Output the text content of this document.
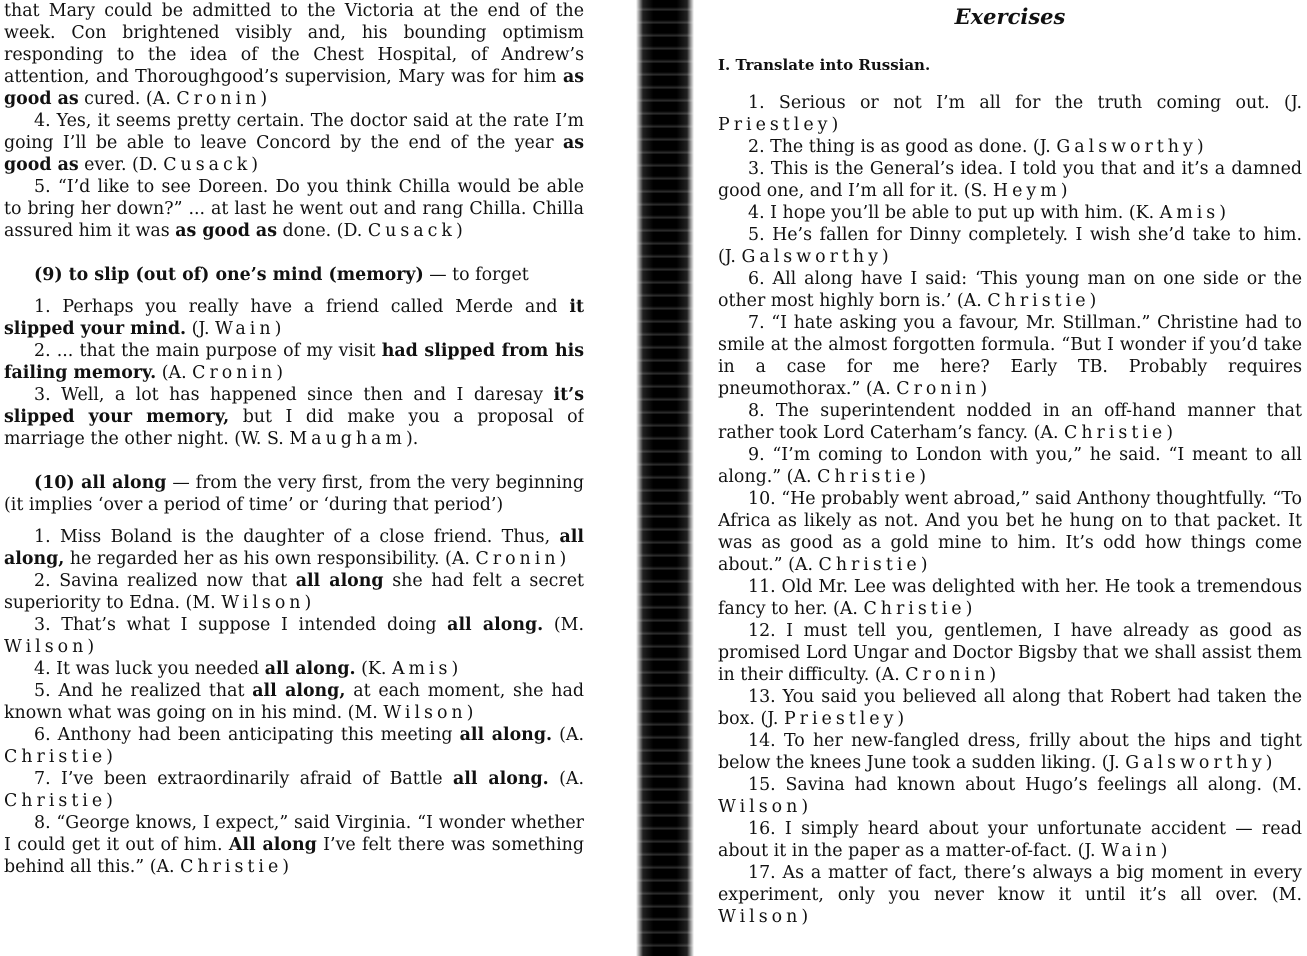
that Mary could be admitted to the Victoria at the end of the week. Con brightened visibly and, his bounding optimism responding to the idea of the Chest Hospital, of Andrew’s attention, and Thoroughgood’s supervision, Mary was for him as good as cured. (A. Cronin)

4. Yes, it seems pretty certain. The doctor said at the rate I’m going I’ll be able to leave Concord by the end of the year as good as ever. (D. Cusack)

5. “I’d like to see Doreen. Do you think Chilla would be able to bring her down?” ... at last he went out and rang Chilla. Chilla assured him it was as good as done. (D. Cusack)

(9) to slip (out of) one’s mind (memory) — to forget

1. Perhaps you really have a friend called Merde and it slipped your mind. (J. Wain)

2. ... that the main purpose of my visit had slipped from his failing memory. (A. Cronin)

3. Well, a lot has happened since then and I daresay it’s slipped your memory, but I did make you a proposal of marriage the other night. (W. S. Maugham).

(10) all along — from the very first, from the very beginning (it implies ‘over a period of time’ or ‘during that period’)

1. Miss Boland is the daughter of a close friend. Thus, all along, he regarded her as his own responsibility. (A. Cronin)

2. Savina realized now that all along she had felt a secret superiority to Edna. (M. Wilson)

3. That’s what I suppose I intended doing all along. (M. Wilson)

4. It was luck you needed all along. (K. Amis)

5. And he realized that all along, at each moment, she had known what was going on in his mind. (M. Wilson)

6. Anthony had been anticipating this meeting all along. (A. Christie)

7. I’ve been extraordinarily afraid of Battle all along. (A. Christie)

8. “George knows, I expect,” said Virginia. “I wonder whether I could get it out of him. All along I’ve felt there was something behind all this.” (A. Christie)

Exercises
I. Translate into Russian.

1. Serious or not I’m all for the truth coming out. (J. Priestley)

2. The thing is as good as done. (J. Galsworthy)

3. This is the General’s idea. I told you that and it’s a damned good one, and I’m all for it. (S. Heym)

4. I hope you’ll be able to put up with him. (K. Amis)

5. He’s fallen for Dinny completely. I wish she’d take to him. (J. Galsworthy)

6. All along have I said: ‘This young man on one side or the other most highly born is.’ (A. Christie)

7. “I hate asking you a favour, Mr. Stillman.” Christine had to smile at the almost forgotten formula. “But I wonder if you’d take in a case for me here? Early TB. Probably requires pneumothorax.” (A. Cronin)

8. The superintendent nodded in an off-hand manner that rather took Lord Caterham’s fancy. (A. Christie)

9. “I’m coming to London with you,” he said. “I meant to all along.” (A. Christie)

10. “He probably went abroad,” said Anthony thoughtfully. “To Africa as likely as not. And you bet he hung on to that packet. It was as good as a gold mine to him. It’s odd how things come about.” (A. Christie)

11. Old Mr. Lee was delighted with her. He took a tremendous fancy to her. (A. Christie)

12. I must tell you, gentlemen, I have already as good as promised Lord Ungar and Doctor Bigsby that we shall assist them in their difficulty. (A. Cronin)

13. You said you believed all along that Robert had taken the box. (J. Priestley)

14. To her new-fangled dress, frilly about the hips and tight below the knees June took a sudden liking. (J. Galsworthy)

15. Savina had known about Hugo’s feelings all along. (M. Wilson)

16. I simply heard about your unfortunate accident — read about it in the paper as a matter-of-fact. (J. Wain)

17. As a matter of fact, there’s always a big moment in every experiment, only you never know it until it’s all over. (M. Wilson)
